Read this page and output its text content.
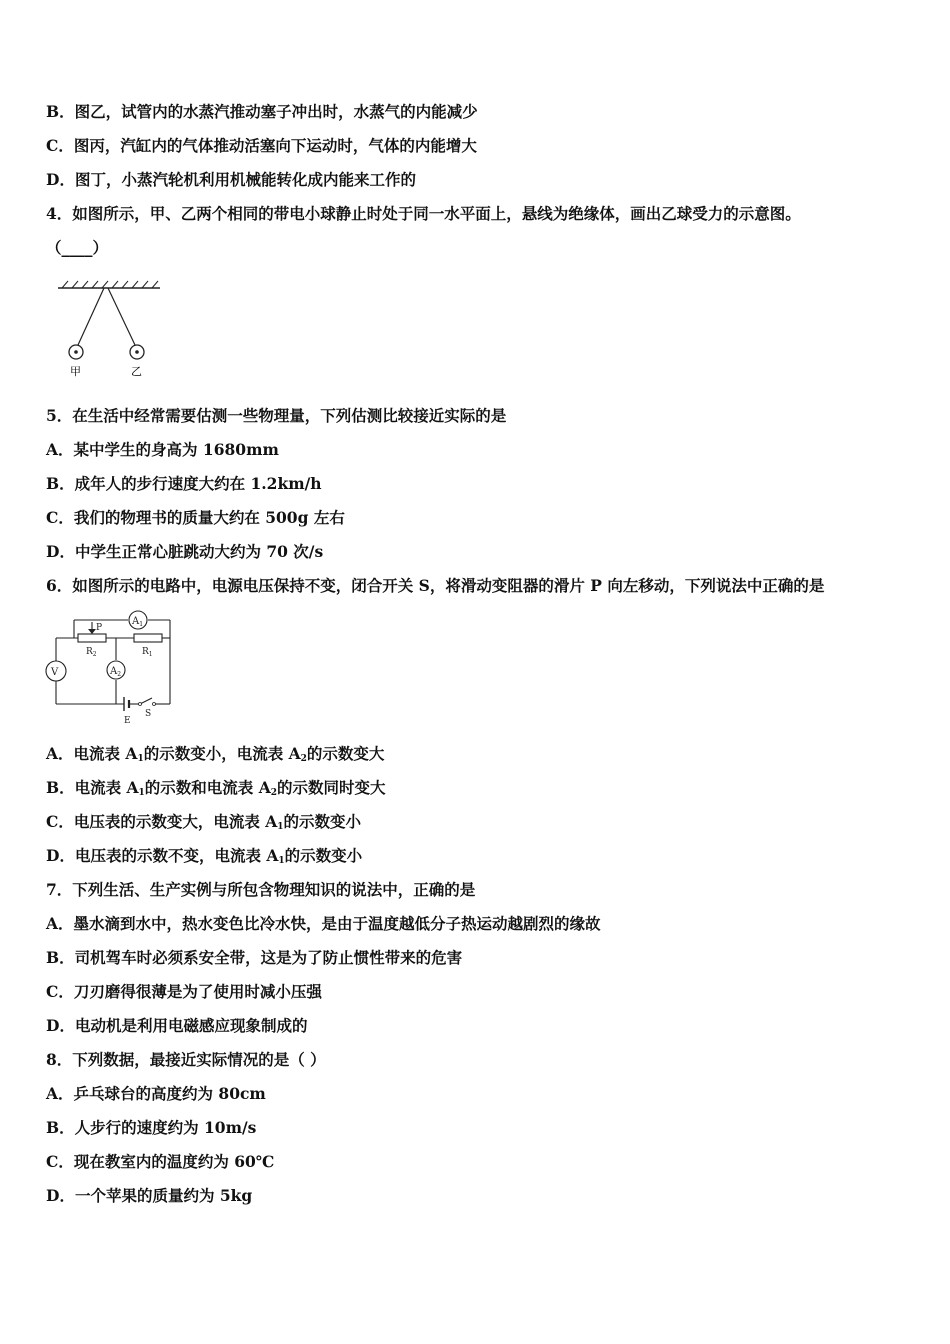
B．图乙，试管内的水蒸汽推动塞子冲出时，水蒸气的内能减少
C．图丙，汽缸内的气体推动活塞向下运动时，气体的内能增大
D．图丁，小蒸汽轮机利用机械能转化成内能来工作的
4．如图所示，甲、乙两个相同的带电小球静止时处于同一水平面上，悬线为绝缘体，画出乙球受力的示意图。
（____）
甲	乙
5．在生活中经常需要估测一些物理量，下列估测比较接近实际的是
A．某中学生的身高为 1680mm
B．成年人的步行速度大约在 1.2km/h
C．我们的物理书的质量大约在 500g 左右
D．中学生正常心脏跳动大约为 70 次/s
6．如图所示的电路中，电源电压保持不变，闭合开关 S，将滑动变阻器的滑片 P 向左移动，下列说法中正确的是
$A_1$
V	$A_2$
P
$R_2$	$R_1$
E
S
A．电流表 $A_1$的示数变小，电流表 $A_2$的示数变大
B．电流表 $A_1$的示数和电流表 $A_2$的示数同时变大
C．电压表的示数变大，电流表 $A_1$的示数变小
D．电压表的示数不变，电流表 $A_1$的示数变小
7．下列生活、生产实例与所包含物理知识的说法中，正确的是
A．墨水滴到水中，热水变色比冷水快，是由于温度越低分子热运动越剧烈的缘故
B．司机驾车时必须系安全带，这是为了防止惯性带来的危害
C．刀刃磨得很薄是为了使用时减小压强
D．电动机是利用电磁感应现象制成的
8．下列数据，最接近实际情况的是（ ）
A．乒乓球台的高度约为 80cm
B．人步行的速度约为 10m/s
C．现在教室内的温度约为 60℃
D．一个苹果的质量约为 5kg
